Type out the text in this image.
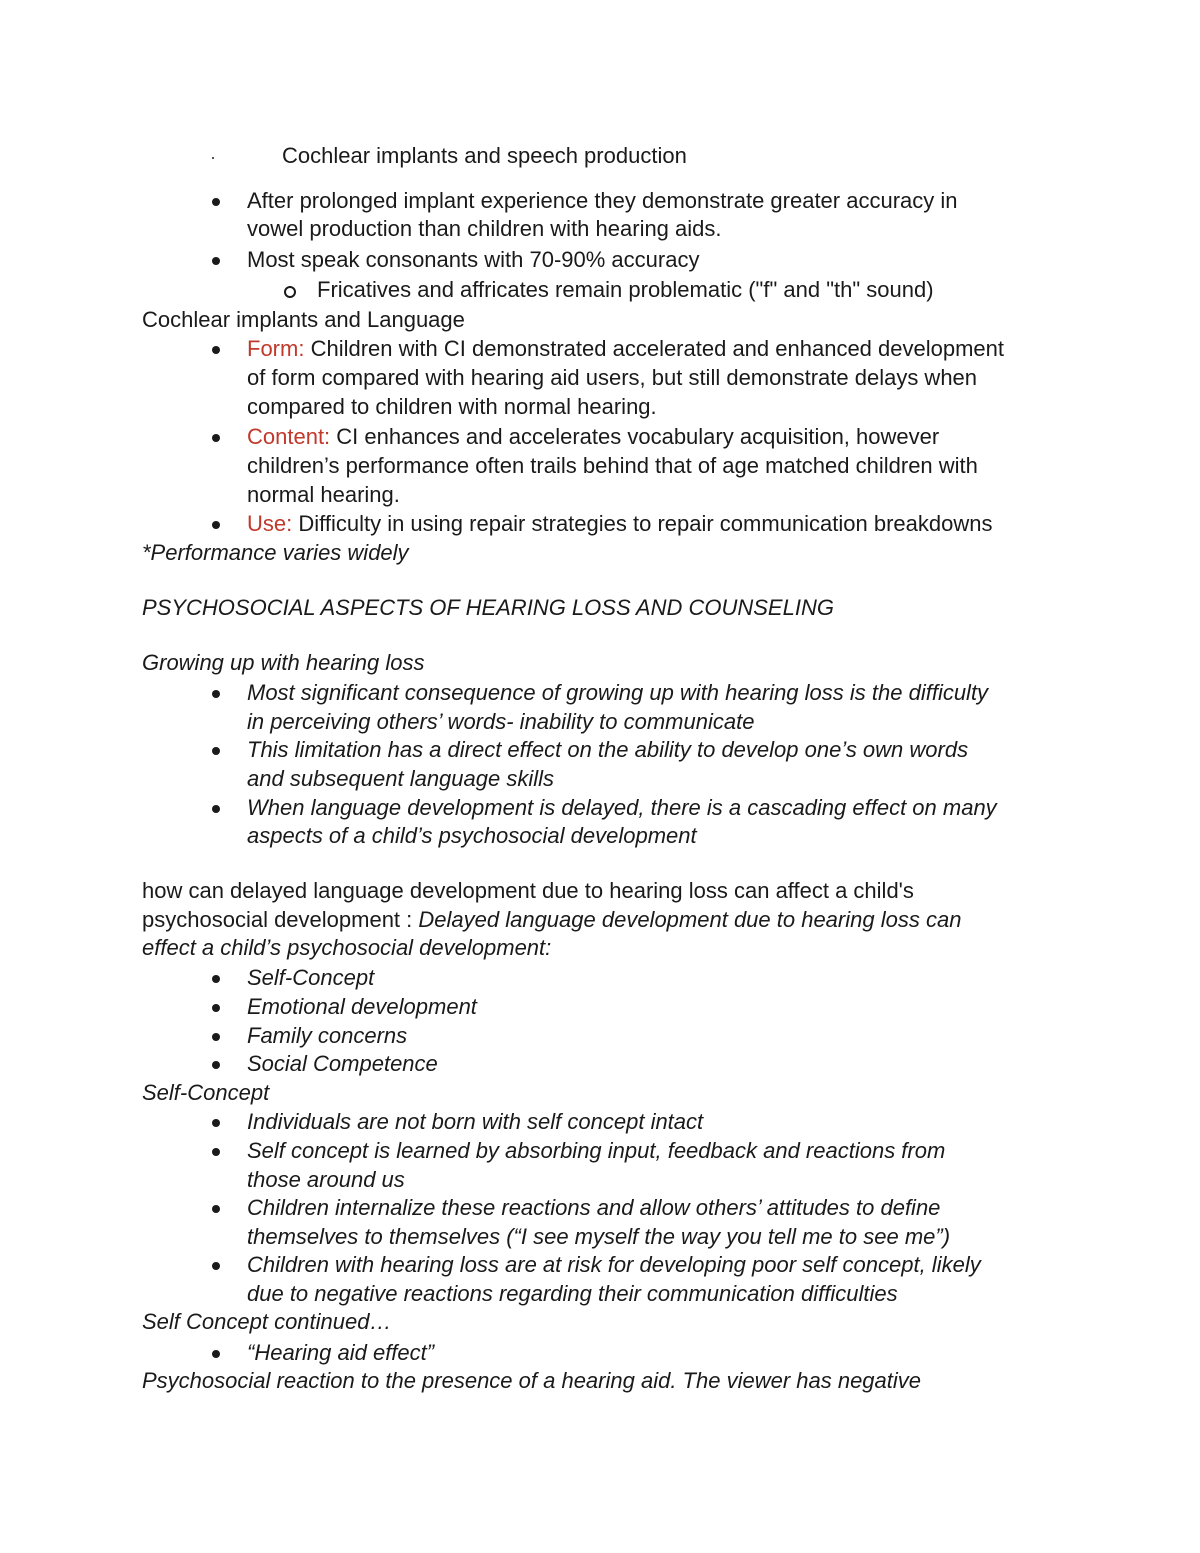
Cochlear implants and speech production
After prolonged implant experience they demonstrate greater accuracy in
vowel production than children with hearing aids.
Most speak consonants with 70-90% accuracy
Fricatives and affricates remain problematic ("f" and "th" sound)
Cochlear implants and Language
Form: Children with CI demonstrated accelerated and enhanced development
of form compared with hearing aid users, but still demonstrate delays when
compared to children with normal hearing.
Content: CI enhances and accelerates vocabulary acquisition, however
children’s performance often trails behind that of age matched children with
normal hearing.
Use: Difficulty in using repair strategies to repair communication breakdowns
*Performance varies widely
PSYCHOSOCIAL ASPECTS OF HEARING LOSS AND COUNSELING
Growing up with hearing loss
Most significant consequence of growing up with hearing loss is the difficulty
in perceiving others’ words- inability to communicate
This limitation has a direct effect on the ability to develop one’s own words
and subsequent language skills
When language development is delayed, there is a cascading effect on many
aspects of a child’s psychosocial development
how can delayed language development due to hearing loss can affect a child's
psychosocial development : Delayed language development due to hearing loss can
effect a child’s psychosocial development:
Self-Concept
Emotional development
Family concerns
Social Competence
Self-Concept
Individuals are not born with self concept intact
Self concept is learned by absorbing input, feedback and reactions from
those around us
Children internalize these reactions and allow others’ attitudes to define
themselves to themselves (“I see myself the way you tell me to see me”)
Children with hearing loss are at risk for developing poor self concept, likely
due to negative reactions regarding their communication difficulties
Self Concept continued…
“Hearing aid effect”
Psychosocial reaction to the presence of a hearing aid. The viewer has negative
